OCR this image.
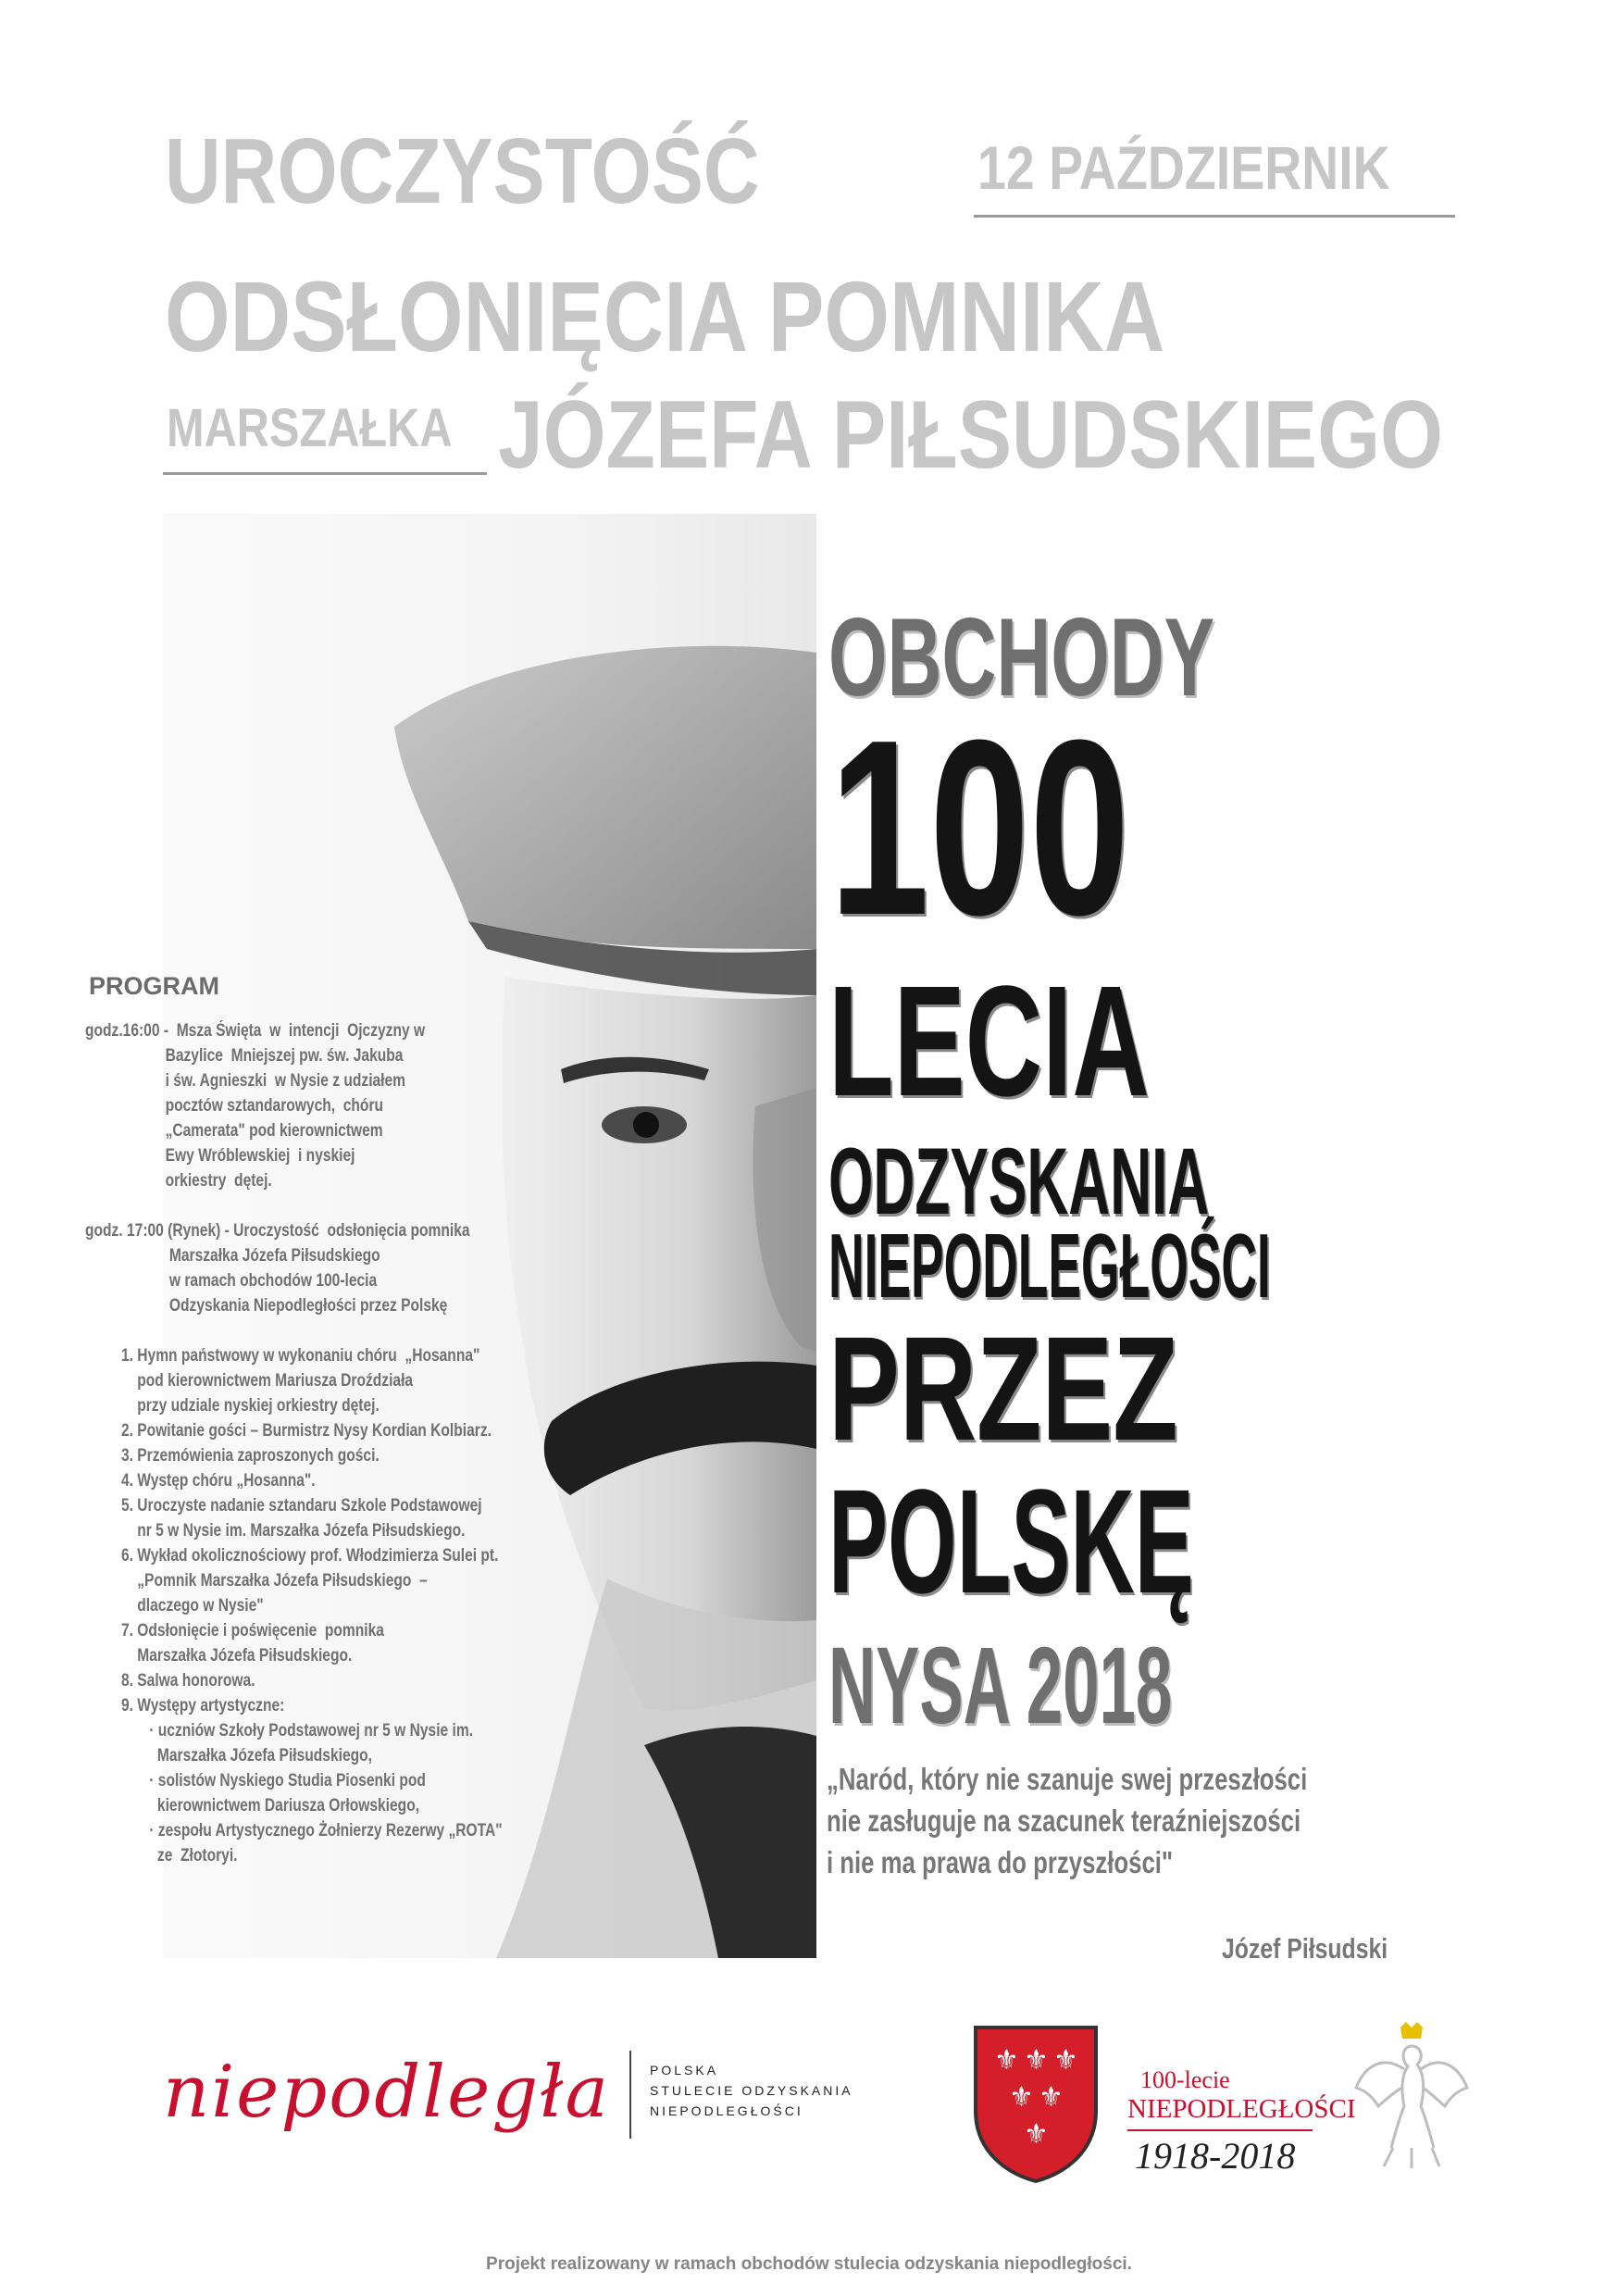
UROCZYSTOŚĆ	12 PAŹDZIERNIK
ODSŁONIĘCIA POMNIKA
MARSZAŁKA JÓZEFA PIŁSUDSKIEGO
OBCHODY
100
LECIA
ODZYSKANIA
NIEPODLEGŁOŚCI
PRZEZ
POLSKĘ
NYSA 2018
PROGRAM
godz.16:00 -  Msza Święta  w  intencji  Ojczyzny w
Bazylice  Mniejszej pw. św. Jakuba
i św. Agnieszki  w Nysie z udziałem
pocztów sztandarowych,  chóru
„Camerata" pod kierownictwem
Ewy Wróblewskiej  i nyskiej
orkiestry  dętej.
godz. 17:00 (Rynek) - Uroczystość  odsłonięcia pomnika
Marszałka Józefa Piłsudskiego
w ramach obchodów 100-lecia
Odzyskania Niepodległości przez Polskę
1. Hymn państwowy w wykonaniu chóru  „Hosanna"
pod kierownictwem Mariusza Droździała
przy udziale nyskiej orkiestry dętej.
2. Powitanie gości – Burmistrz Nysy Kordian Kolbiarz.
3. Przemówienia zaproszonych gości.
4. Występ chóru „Hosanna".
5. Uroczyste nadanie sztandaru Szkole Podstawowej
nr 5 w Nysie im. Marszałka Józefa Piłsudskiego.
6. Wykład okolicznościowy prof. Włodzimierza Sulei pt.
„Pomnik Marszałka Józefa Piłsudskiego  –
dlaczego w Nysie"
7. Odsłonięcie i poświęcenie  pomnika
Marszałka Józefa Piłsudskiego.
8. Salwa honorowa.
9. Występy artystyczne:
· uczniów Szkoły Podstawowej nr 5 w Nysie im.
Marszałka Józefa Piłsudskiego,
· solistów Nyskiego Studia Piosenki pod
kierownictwem Dariusza Orłowskiego,
· zespołu Artystycznego Żołnierzy Rezerwy „ROTA"
ze  Złotoryi.
„Naród, który nie szanuje swej przeszłości
nie zasługuje na szacunek teraźniejszości
i nie ma prawa do przyszłości"
Józef Piłsudski
niepodległa	POLSKA
STULECIE ODZYSKANIA
NIEPODLEGŁOŚCI
⚜ ⚜ ⚜
⚜ ⚜
⚜
100-lecie
NIEPODLEGŁOŚCI
1918-2018
Projekt realizowany w ramach obchodów stulecia odzyskania niepodległości.
